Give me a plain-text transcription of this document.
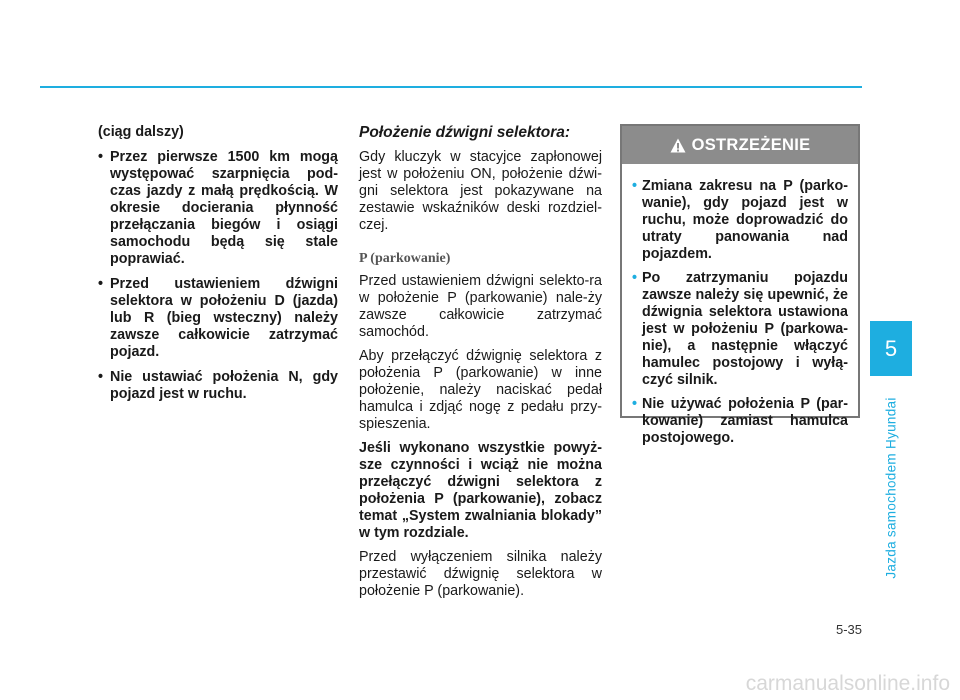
(ciąg dalszy)
• Przez pierwsze 1500 km mogą występować szarpnięcia pod-czas jazdy z małą prędkością. W okresie docierania płynność przełączania biegów i osiągi samochodu będą się stale poprawiać.
• Przed ustawieniem dźwigni selektora w położeniu D (jazda) lub R (bieg wsteczny) należy zawsze całkowicie zatrzymać pojazd.
• Nie ustawiać położenia N, gdy pojazd jest w ruchu.
Położenie dźwigni selektora:

Gdy kluczyk w stacyjce zapłonowej jest w położeniu ON, położenie dźwi-gni selektora jest pokazywane na zestawie wskaźników deski rozdziel-czej.

P (parkowanie)

Przed ustawieniem dźwigni selekto-ra w położenie P (parkowanie) nale-ży zawsze całkowicie zatrzymać samochód.

Aby przełączyć dźwignię selektora z położenia P (parkowanie) w inne położenie, należy naciskać pedał hamulca i zdjąć nogę z pedału przy-spieszenia.

Jeśli wykonano wszystkie powyż-sze czynności i wciąż nie można przełączyć dźwigni selektora z położenia P (parkowanie), zobacz temat „System zwalniania blokady” w tym rozdziale.

Przed wyłączeniem silnika należy przestawić dźwignię selektora w położenie P (parkowanie).

OSTRZEŻENIE
• Zmiana zakresu na P (parko-wanie), gdy pojazd jest w ruchu, może doprowadzić do utraty panowania nad pojazdem.
• Po zatrzymaniu pojazdu zawsze należy się upewnić, że dźwignia selektora ustawiona jest w położeniu P (parkowa-nie), a następnie włączyć hamulec postojowy i wyłą-czyć silnik.
• Nie używać położenia P (par-kowanie) zamiast hamulca postojowego.
5
Jazda samochodem Hyundai
5-35
carmanualsonline.info
